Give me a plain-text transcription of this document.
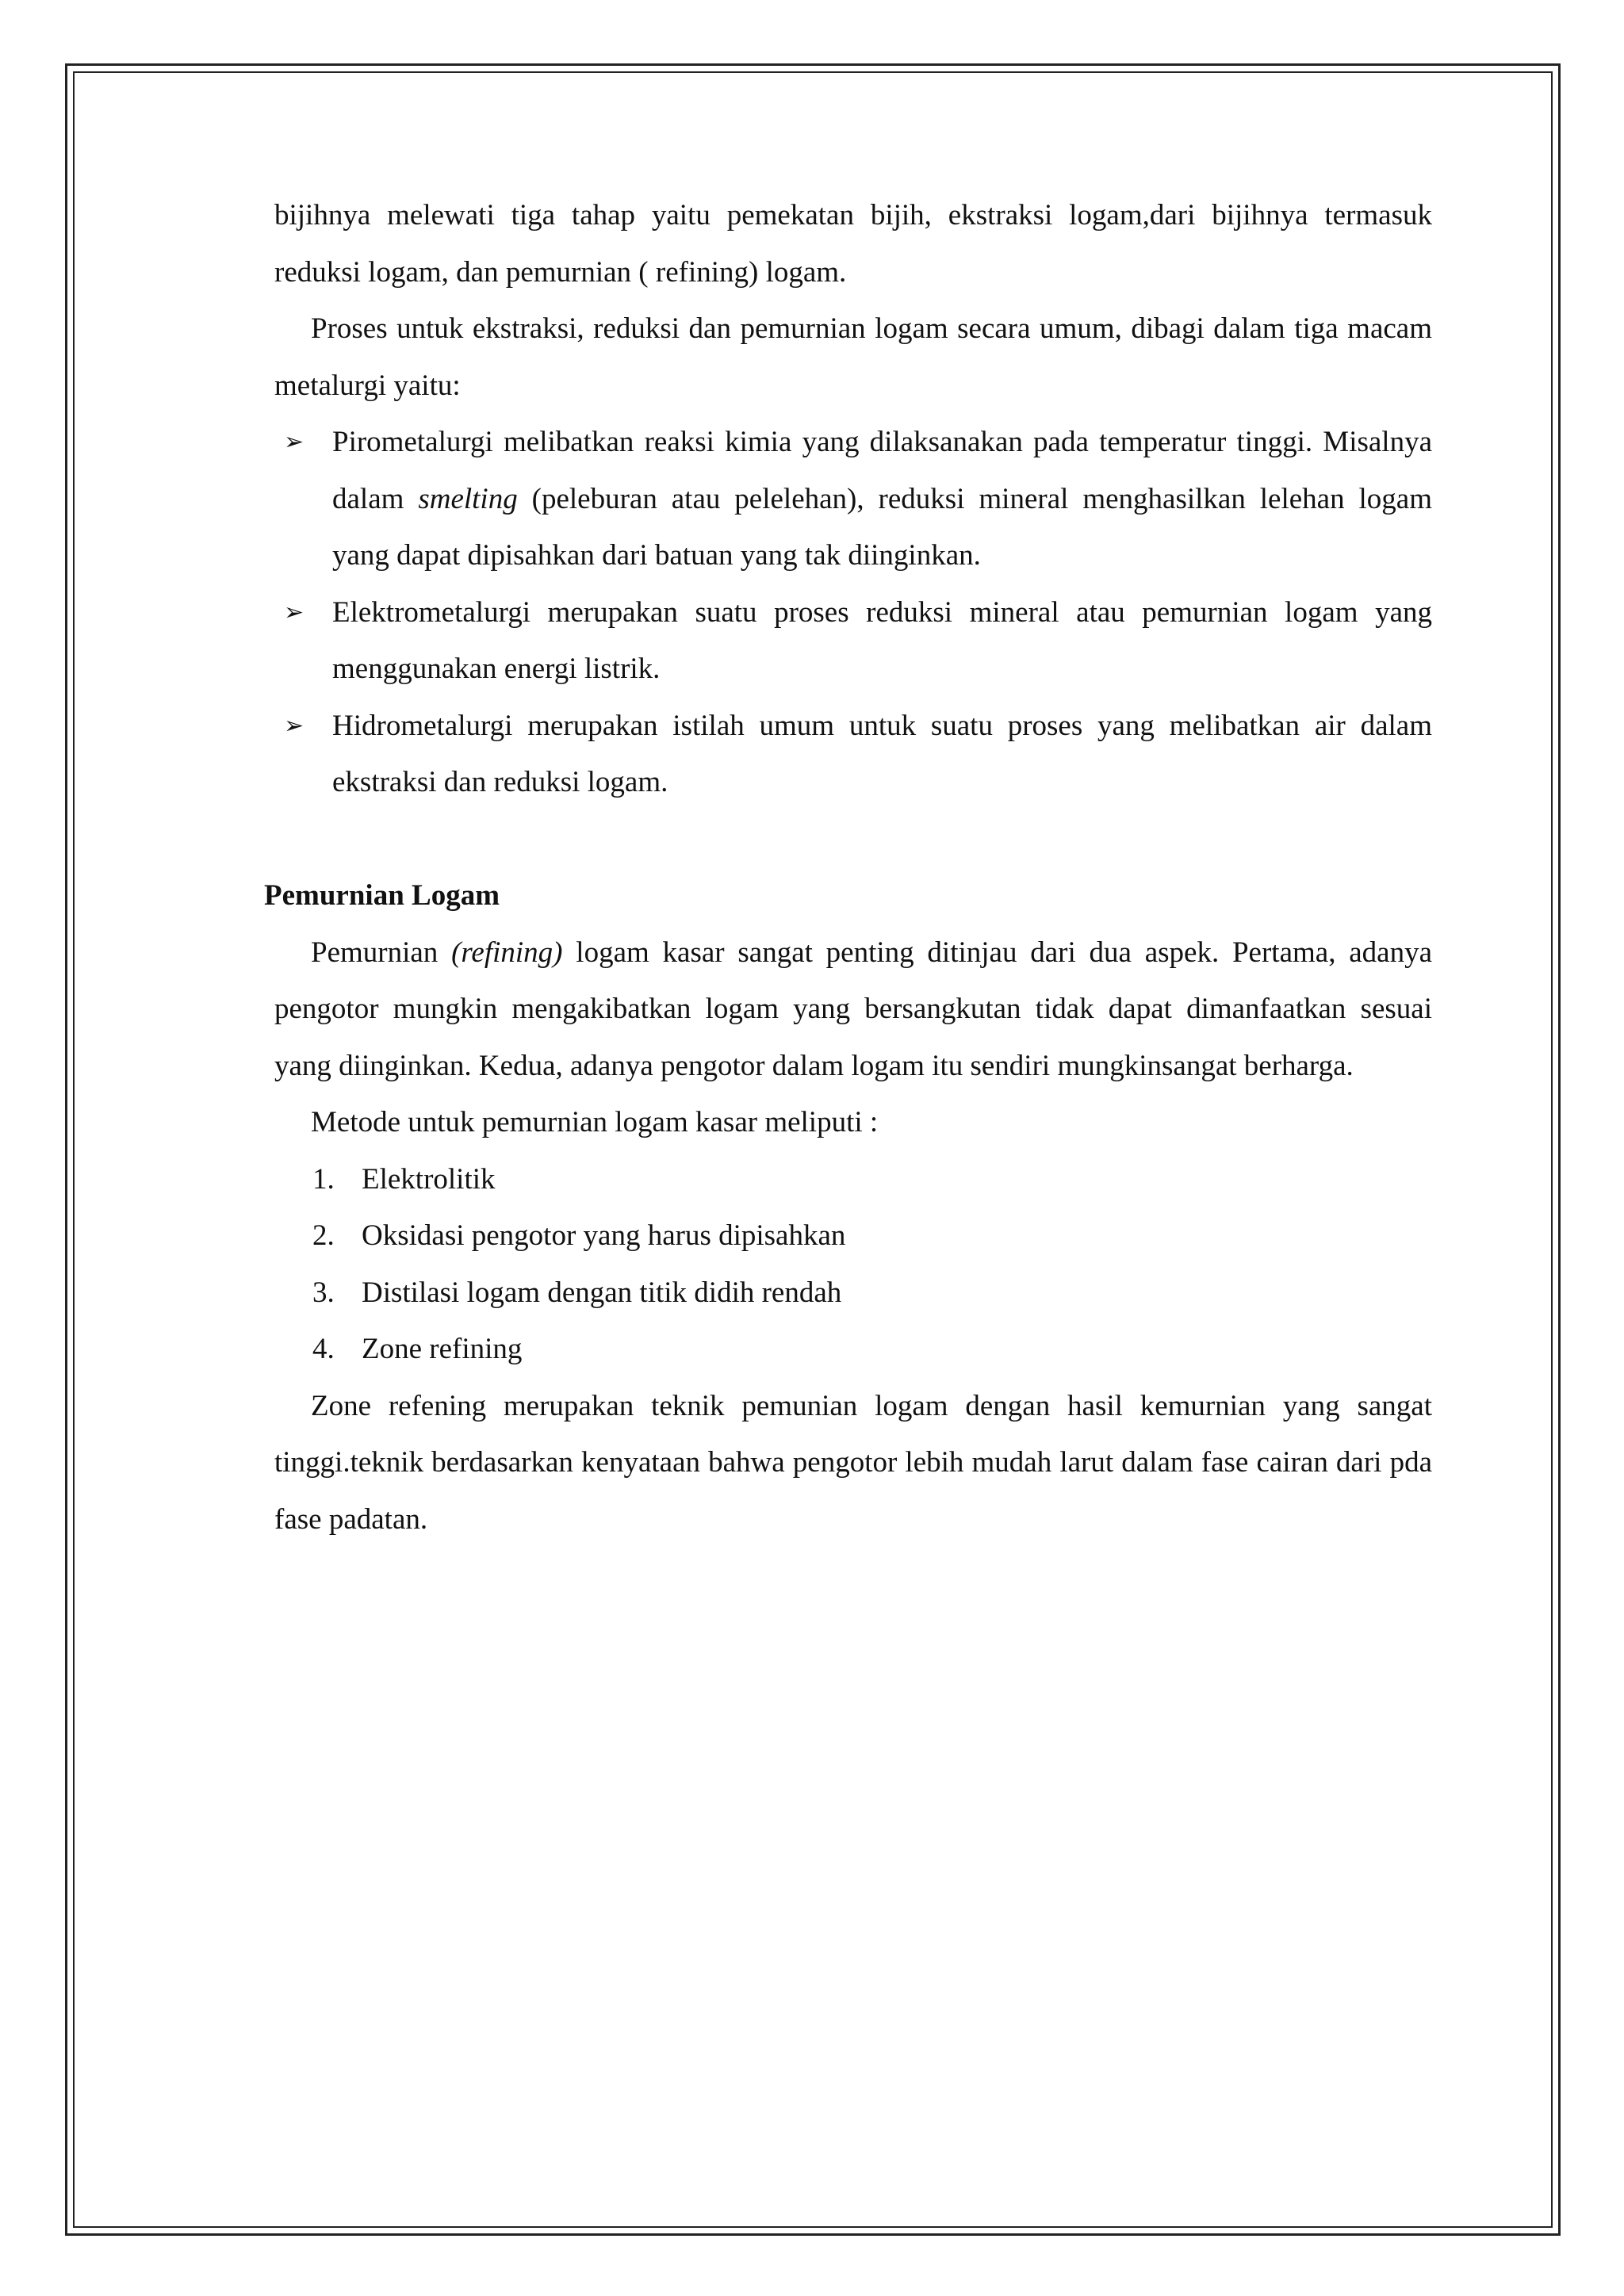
bijihnya melewati tiga tahap yaitu pemekatan bijih, ekstraksi logam,dari bijihnya termasuk reduksi logam, dan pemurnian ( refining) logam.

Proses untuk ekstraksi, reduksi dan pemurnian logam secara umum, dibagi dalam tiga macam metalurgi yaitu:

➢ Pirometalurgi melibatkan reaksi kimia yang dilaksanakan pada temperatur tinggi. Misalnya dalam smelting (peleburan atau pelelehan), reduksi mineral menghasilkan lelehan logam yang dapat dipisahkan dari batuan yang tak diinginkan.
➢ Elektrometalurgi merupakan suatu proses reduksi mineral atau pemurnian logam yang menggunakan energi listrik.
➢ Hidrometalurgi merupakan istilah umum untuk suatu proses yang melibatkan air dalam ekstraksi dan reduksi logam.
Pemurnian Logam

Pemurnian (refining) logam kasar sangat penting ditinjau dari dua aspek. Pertama, adanya pengotor mungkin mengakibatkan logam yang bersangkutan tidak dapat dimanfaatkan sesuai yang diinginkan. Kedua, adanya pengotor dalam logam itu sendiri mungkinsangat berharga.

Metode untuk pemurnian logam kasar meliputi :

1. Elektrolitik
2. Oksidasi pengotor yang harus dipisahkan
3. Distilasi logam dengan titik didih rendah
4. Zone refining

Zone refening merupakan teknik pemunian logam dengan hasil kemurnian yang sangat tinggi.teknik berdasarkan kenyataan bahwa pengotor lebih mudah larut dalam fase cairan dari pda fase padatan.
